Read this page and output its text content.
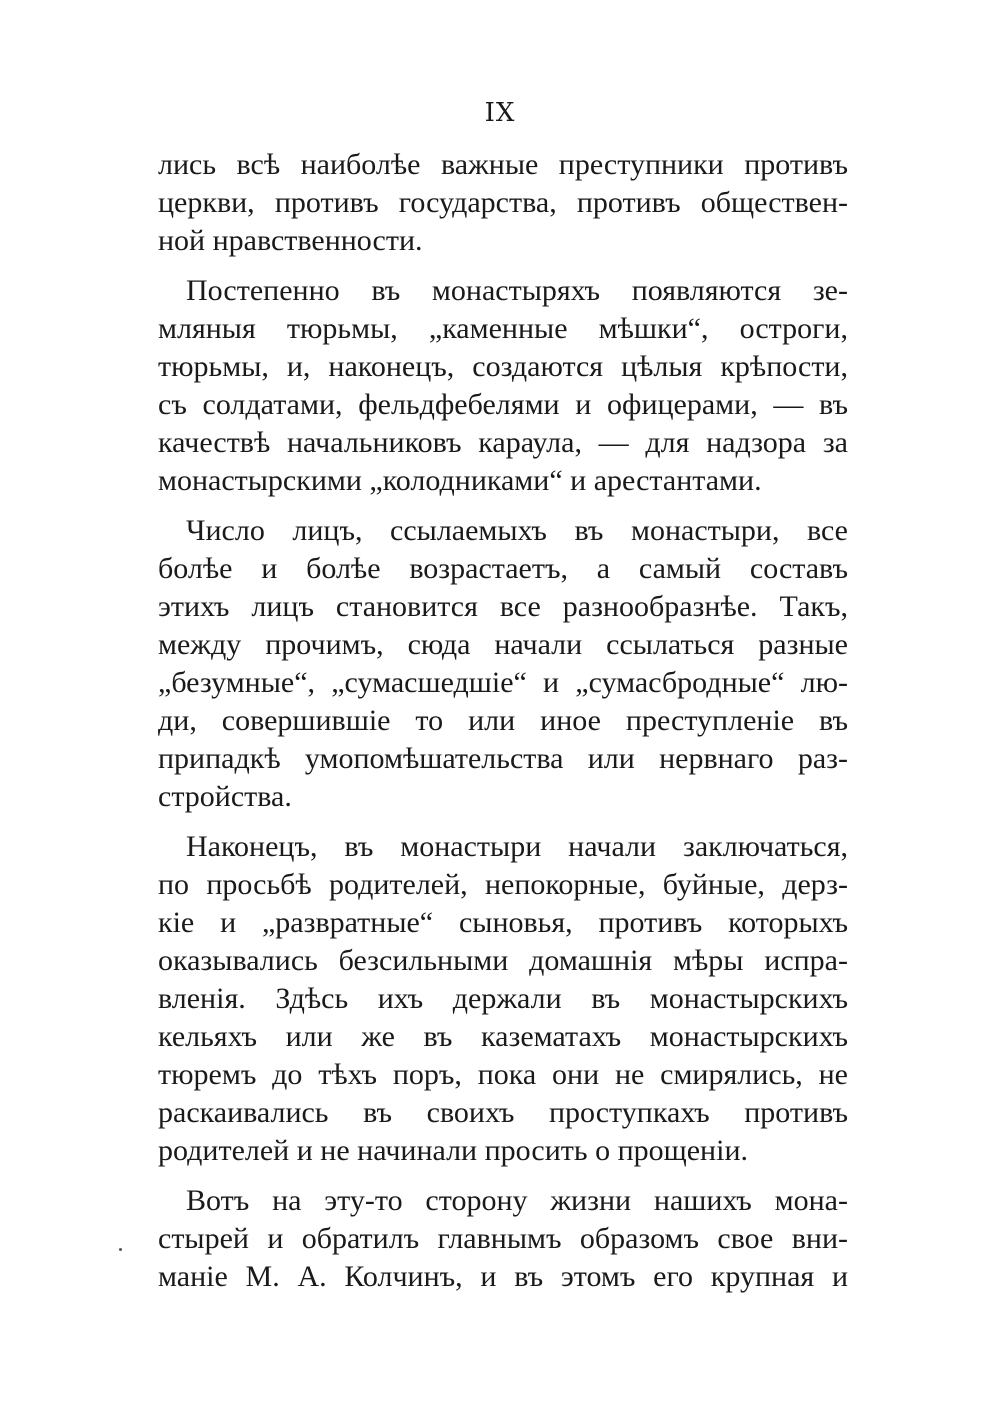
IX
лись всѣ наиболѣе важные преступники противъ
церкви, противъ государства, противъ обществен-
ной нравственности.
Постепенно въ монастыряхъ появляются зе-
мляныя тюрьмы, „каменные мѣшки“, остроги,
тюрьмы, и, наконецъ, создаются цѣлыя крѣпости,
съ солдатами, фельдфебелями и офицерами, — въ
качествѣ начальниковъ караула, — для надзора за
монастырскими „колодниками“ и арестантами.
Число лицъ, ссылаемыхъ въ монастыри, все
болѣе и болѣе возрастаетъ, а самый составъ
этихъ лицъ становится все разнообразнѣе. Такъ,
между прочимъ, сюда начали ссылаться разные
„безумные“, „сумасшедшіе“ и „сумасбродные“ лю-
ди, совершившіе то или иное преступленіе въ
припадкѣ умопомѣшательства или нервнаго раз-
стройства.
Наконецъ, въ монастыри начали заключаться,
по просьбѣ родителей, непокорные, буйные, дерз-
кіе и „развратные“ сыновья, противъ которыхъ
оказывались безсильными домашнія мѣры испра-
вленія. Здѣсь ихъ держали въ монастырскихъ
кельяхъ или же въ казематахъ монастырскихъ
тюремъ до тѣхъ поръ, пока они не смирялись, не
раскаивались въ своихъ проступкахъ противъ
родителей и не начинали просить о прощеніи.
Вотъ на эту-то сторону жизни нашихъ мона-
стырей и обратилъ главнымъ образомъ свое вни-
маніе М. А. Колчинъ, и въ этомъ его крупная и
